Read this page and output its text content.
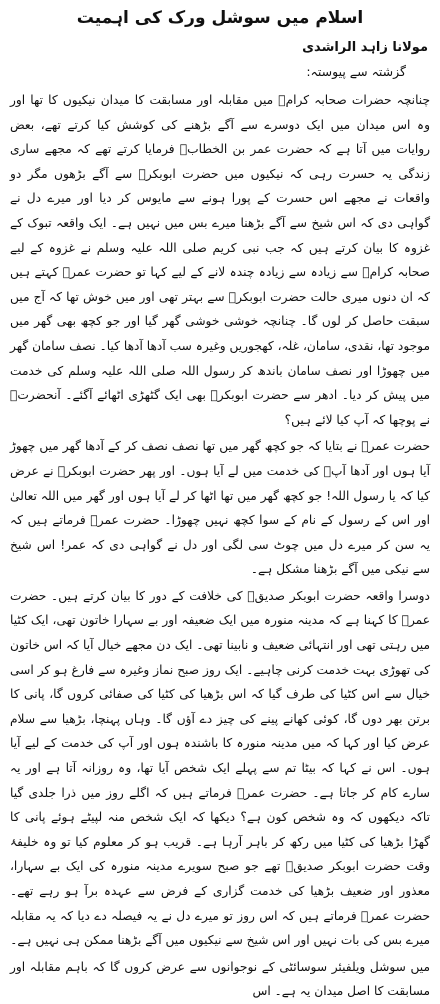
اسلام میں سوشل ورک کی اہمیت
مولانا زاہد الراشدی
گزشتہ سے پیوستہ:

چنانچہ حضرات صحابہ کرامؓ میں مقابلہ اور مسابقت کا میدان نیکیوں کا تھا اور وہ اس میدان میں ایک دوسرے سے آگے بڑھنے کی کوشش کیا کرتے تھے، بعض روایات میں آتا ہے کہ حضرت عمر بن الخطابؓ فرمایا کرتے تھے کہ مجھے ساری زندگی یہ حسرت رہی کہ نیکیوں میں حضرت ابوبکرؓ سے آگے بڑھوں مگر دو واقعات نے مجھے اس حسرت کے پورا ہونے سے مایوس کر دیا اور میرے دل نے گواہی دی کہ اس شیخ سے آگے بڑھنا میرے بس میں نہیں ہے۔ ایک واقعہ تبوک کے غزوہ کا بیان کرتے ہیں کہ جب نبی کریم صلی اللہ علیہ وسلم نے غزوہ کے لیے صحابہ کرامؓ سے زیادہ سے زیادہ چندہ لانے کے لیے کہا تو حضرت عمرؓ کہتے ہیں کہ ان دنوں میری حالت حضرت ابوبکرؓ سے بہتر تھی اور میں خوش تھا کہ آج میں سبقت حاصل کر لوں گا۔ چنانچہ خوشی خوشی گھر گیا اور جو کچھ بھی گھر میں موجود تھا، نقدی، سامان، غلہ، کھجوریں وغیرہ سب آدھا آدھا کیا۔ نصف سامان گھر میں چھوڑا اور نصف سامان باندھ کر رسول اللہ صلی اللہ علیہ وسلم کی خدمت میں پیش کر دیا۔ ادھر سے حضرت ابوبکرؓ بھی ایک گٹھڑی اٹھائے آگئے۔ آنحضرتؐ نے پوچھا کہ آپ کیا لائے ہیں؟

حضرت عمرؓ نے بتایا کہ جو کچھ گھر میں تھا نصف نصف کر کے آدھا گھر میں چھوڑ آیا ہوں اور آدھا آپؐ کی خدمت میں لے آیا ہوں۔ اور پھر حضرت ابوبکرؓ نے عرض کیا کہ یا رسول اللہ! جو کچھ گھر میں تھا اٹھا کر لے آیا ہوں اور گھر میں اللہ تعالیٰ اور اس کے رسول کے نام کے سوا کچھ نہیں چھوڑا۔ حضرت عمرؓ فرماتے ہیں کہ یہ سن کر میرے دل میں چوٹ سی لگی اور دل نے گواہی دی کہ عمر! اس شیخ سے نیکی میں آگے بڑھنا مشکل ہے۔

دوسرا واقعہ حضرت ابوبکر صدیقؓ کی خلافت کے دور کا بیان کرتے ہیں۔ حضرت عمرؓ کا کہنا ہے کہ مدینہ منورہ میں ایک ضعیفہ اور بے سہارا خاتون تھی، ایک کٹیا میں رہتی تھی اور انتہائی ضعیف و نابینا تھی۔ ایک دن مجھے خیال آیا کہ اس خاتون کی تھوڑی بہت خدمت کرنی چاہیے۔ ایک روز صبح نماز وغیرہ سے فارغ ہو کر اسی خیال سے اس کٹیا کی طرف گیا کہ اس بڑھیا کی کٹیا کی صفائی کروں گا، پانی کا برتن بھر دوں گا، کوئی کھانے پینے کی چیز دے آؤں گا۔ وہاں پہنچا، بڑھیا سے سلام عرض کیا اور کہا کہ میں مدینہ منورہ کا باشندہ ہوں اور آپ کی خدمت کے لیے آیا ہوں۔ اس نے کہا کہ بیٹا تم سے پہلے ایک شخص آیا تھا، وہ روزانہ آتا ہے اور یہ سارے کام کر جاتا ہے۔ حضرت عمرؓ فرماتے ہیں کہ اگلے روز میں ذرا جلدی گیا تاکہ دیکھوں کہ وہ شخص کون ہے؟ دیکھا کہ ایک شخص منہ لپیٹے ہوئے پانی کا گھڑا بڑھیا کی کٹیا میں رکھ کر باہر آرہا ہے۔ قریب ہو کر معلوم کیا تو وہ خلیفۂ وقت حضرت ابوبکر صدیقؓ تھے جو صبح سویرے مدینہ منورہ کی ایک بے سہارا، معذور اور ضعیف بڑھیا کی خدمت گزاری کے فرض سے عہدہ برآ ہو رہے تھے۔ حضرت عمرؓ فرماتے ہیں کہ اس روز تو میرے دل نے یہ فیصلہ دے دیا کہ یہ مقابلہ میرے بس کی بات نہیں اور اس شیخ سے نیکیوں میں آگے بڑھنا ممکن ہی نہیں ہے۔

میں سوشل ویلفیئر سوسائٹی کے نوجوانوں سے عرض کروں گا کہ باہم مقابلہ اور مسابقت کا اصل میدان یہ ہے۔ اس
